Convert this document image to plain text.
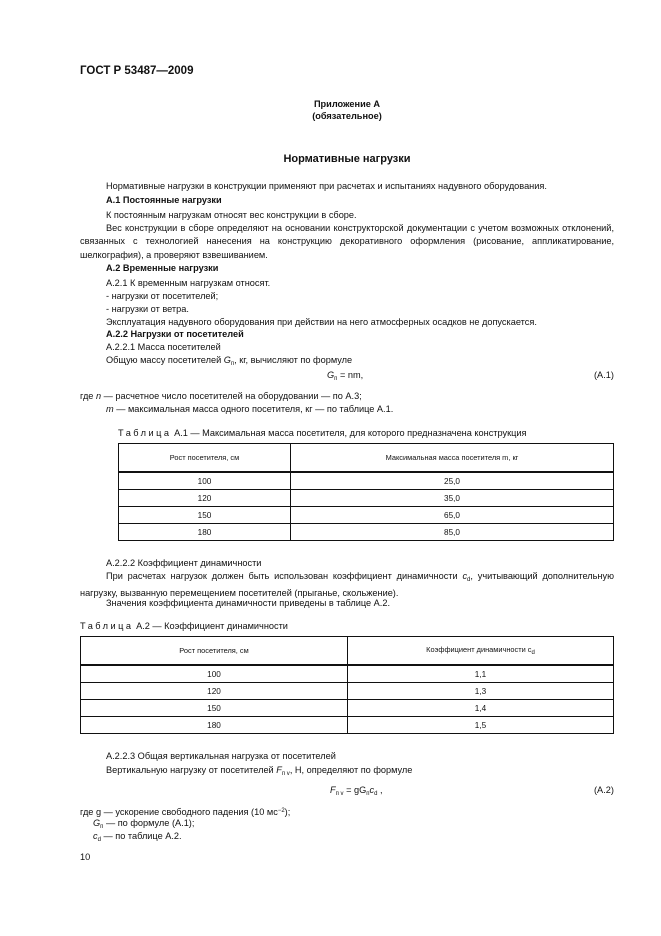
ГОСТ Р 53487—2009
Приложение А
(обязательное)
Нормативные нагрузки
Нормативные нагрузки в конструкции применяют при расчетах и испытаниях надувного оборудования.
А.1 Постоянные нагрузки
К постоянным нагрузкам относят вес конструкции в сборе.
Вес конструкции в сборе определяют на основании конструкторской документации с учетом возможных отклонений, связанных с технологией нанесения на конструкцию декоративного оформления (рисование, аппликатирование, шелкография), а проверяют взвешиванием.
А.2 Временные нагрузки
А.2.1 К временным нагрузкам относят.
- нагрузки от посетителей;
- нагрузки от ветра.
Эксплуатация надувного оборудования при действии на него атмосферных осадков не допускается.
А.2.2 Нагрузки от посетителей
А.2.2.1 Масса посетителей
Общую массу посетителей $G_п$, кг, вычисляют по формуле
$G_п$ = nm,	(А.1)
где n — расчетное число посетителей на оборудовании — по А.3;
m — максимальная масса одного посетителя, кг — по таблице А.1.
Таблица А.1 — Максимальная масса посетителя, для которого предназначена конструкция
Рост посетителя, см	Максимальная масса посетителя m, кг
100	25,0
120	35,0
150	65,0
180	85,0
А.2.2.2 Коэффициент динамичности
При расчетах нагрузок должен быть использован коэффициент динамичности $c_d$, учитывающий дополнительную нагрузку, вызванную перемещением посетителей (прыганье, скольжение).
Значения коэффициента динамичности приведены в таблице А.2.
Таблица А.2 — Коэффициент динамичности
Рост посетителя, см	Коэффициент динамичности $c_d$
100	1,1
120	1,3
150	1,4
180	1,5
А.2.2.3 Общая вертикальная нагрузка от посетителей
Вертикальную нагрузку от посетителей $F_{п v}$, Н, определяют по формуле
$F_{п v} = gG_пc_d$ ,	(А.2)
где g — ускорение свободного падения (10 $мс^{-2}$);
$G_п$ — по формуле (А.1);
$c_d$ — по таблице А.2.
10
